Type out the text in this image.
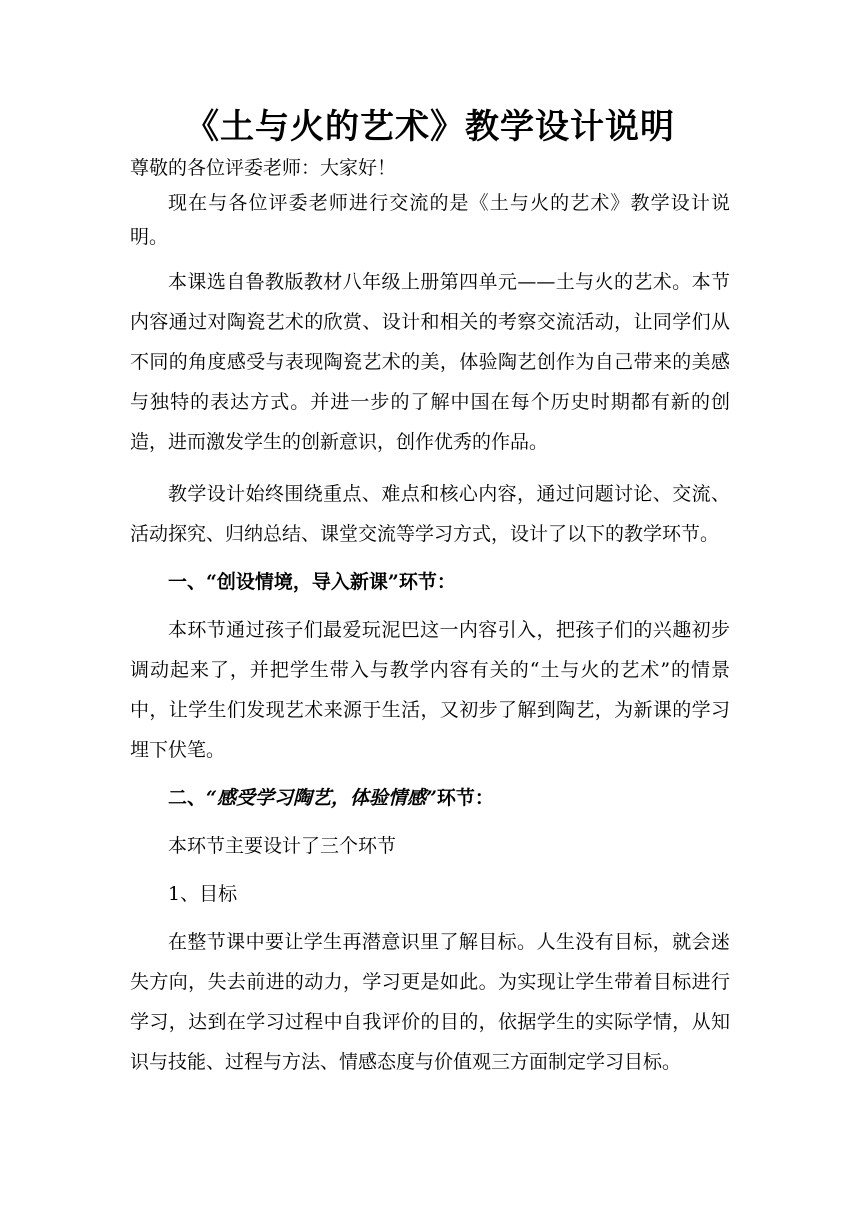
《土与火的艺术》教学设计说明

尊敬的各位评委老师：大家好！

现在与各位评委老师进行交流的是《土与火的艺术》教学设计说明。

本课选自鲁教版教材八年级上册第四单元——土与火的艺术。本节内容通过对陶瓷艺术的欣赏、设计和相关的考察交流活动，让同学们从不同的角度感受与表现陶瓷艺术的美，体验陶艺创作为自己带来的美感与独特的表达方式。并进一步的了解中国在每个历史时期都有新的创造，进而激发学生的创新意识，创作优秀的作品。

教学设计始终围绕重点、难点和核心内容，通过问题讨论、交流、活动探究、归纳总结、课堂交流等学习方式，设计了以下的教学环节。

一、“创设情境，导入新课”环节：

本环节通过孩子们最爱玩泥巴这一内容引入，把孩子们的兴趣初步调动起来了，并把学生带入与教学内容有关的“土与火的艺术”的情景中，让学生们发现艺术来源于生活，又初步了解到陶艺，为新课的学习埋下伏笔。

二、“感受学习陶艺，体验情感”环节：

本环节主要设计了三个环节

1、目标

在整节课中要让学生再潜意识里了解目标。人生没有目标，就会迷失方向，失去前进的动力，学习更是如此。为实现让学生带着目标进行学习，达到在学习过程中自我评价的目的，依据学生的实际学情，从知识与技能、过程与方法、情感态度与价值观三方面制定学习目标。
